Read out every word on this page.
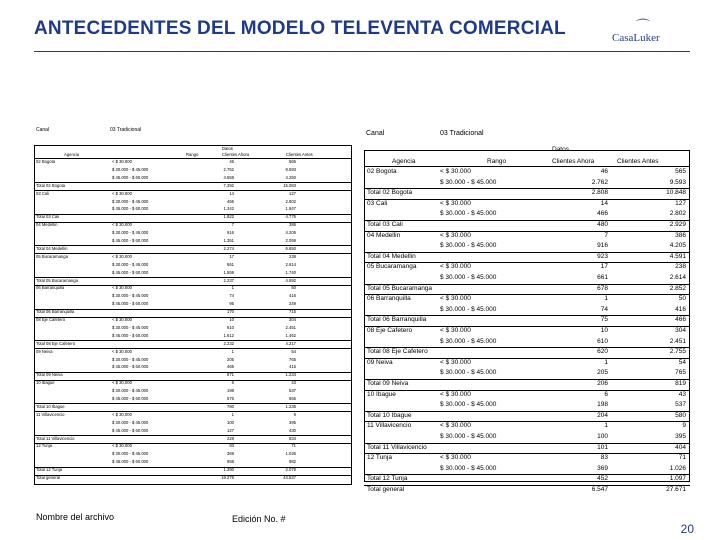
ANTECEDENTES DEL MODELO TELEVENTA COMERCIAL	⌒
CasaLuker
Canal	03 Tradicional
Datos
Agencia	Rango	Clientes Ahora	Clientes Antes
02 Bogota	< $ 30.000	46	565
$ 30.000 - $ 45.000	2.762	9.593
$ 45.000 - $ 60.000	4.558	4.250
Total 02 Bogota	7.392	15.083
03 Cali	< $ 30.000	14	127
$ 30.000 - $ 45.000	466	2.802
$ 45.000 - $ 60.000	1.342	1.847
Total 03 Cali	1.822	4.776
04 Medellin	< $ 30.000	7	386
$ 30.000 - $ 45.000	916	4.205
$ 45.000 - $ 60.000	1.351	2.059
Total 04 Medellin	2.274	6.650
05 Bucaramanga	< $ 30.000	17	238
$ 30.000 - $ 45.000	661	2.614
$ 45.000 - $ 60.000	1.559	1.740
Total 05 Bucaramanga	2.237	4.592
06 Barranquilla	< $ 30.000	1	50
$ 30.000 - $ 45.000	74	416
$ 45.000 - $ 60.000	95	249
Total 06 Barranquilla	170	715
08 Eje Cafetero	< $ 30.000	10	304
$ 30.000 - $ 45.000	610	2.451
$ 45.000 - $ 60.000	1.612	1.462
Total 08 Eje Cafetero	2.232	4.217
09 Neiva	< $ 30.000	1	54
$ 30.000 - $ 45.000	205	765
$ 45.000 - $ 60.000	465	415
Total 09 Neiva	671	1.234
10 Ibague	< $ 30.000	6	43
$ 30.000 - $ 45.000	198	537
$ 45.000 - $ 60.000	576	655
Total 10 Ibague	780	1.235
11 Villavicencio	< $ 30.000	1	9
$ 30.000 - $ 45.000	100	395
$ 45.000 - $ 60.000	127	430
Total 11 Villavicencio	228	834
12 Tunja	< $ 30.000	83	71
$ 30.000 - $ 45.000	369	1.026
$ 45.000 - $ 60.000	958	982
Total 12 Tunja	1.390	2.079
Total general	19.276	44.527
Canal	03 Tradicional
Datos
Agencia	Rango	Clientes Ahora	Clientes Antes
02 Bogota	< $ 30.000	46	565
$ 30.000 - $ 45.000	2.762	9.593
Total 02 Bogota	2.808	10.848
03 Cali	< $ 30.000	14	127
$ 30.000 - $ 45.000	466	2.802
Total 03 Cali	480	2.929
04 Medellin	< $ 30.000	7	386
$ 30.000 - $ 45.000	916	4.205
Total 04 Medellin	923	4.591
05 Bucaramanga	< $ 30.000	17	238
$ 30.000 - $ 45.000	661	2.614
Total 05 Bucaramanga	678	2.852
06 Barranquilla	< $ 30.000	1	50
$ 30.000 - $ 45.000	74	416
Total 06 Barranquilla	75	466
08 Eje Cafetero	< $ 30.000	10	304
$ 30.000 - $ 45.000	610	2.451
Total 08 Eje Cafetero	620	2.755
09 Neiva	< $ 30.000	1	54
$ 30.000 - $ 45.000	205	765
Total 09 Neiva	206	819
10 Ibague	< $ 30.000	6	43
$ 30.000 - $ 45.000	198	537
Total 10 Ibague	204	580
11 Villavicencio	< $ 30.000	1	9
$ 30.000 - $ 45.000	100	395
Total 11 Villavicencio	101	404
12 Tunja	< $ 30.000	83	71
$ 30.000 - $ 45.000	369	1.026
Total 12 Tunja	452	1.097
Total general	6.547	27.671
Nombre del archivo	Edición No. #
20
